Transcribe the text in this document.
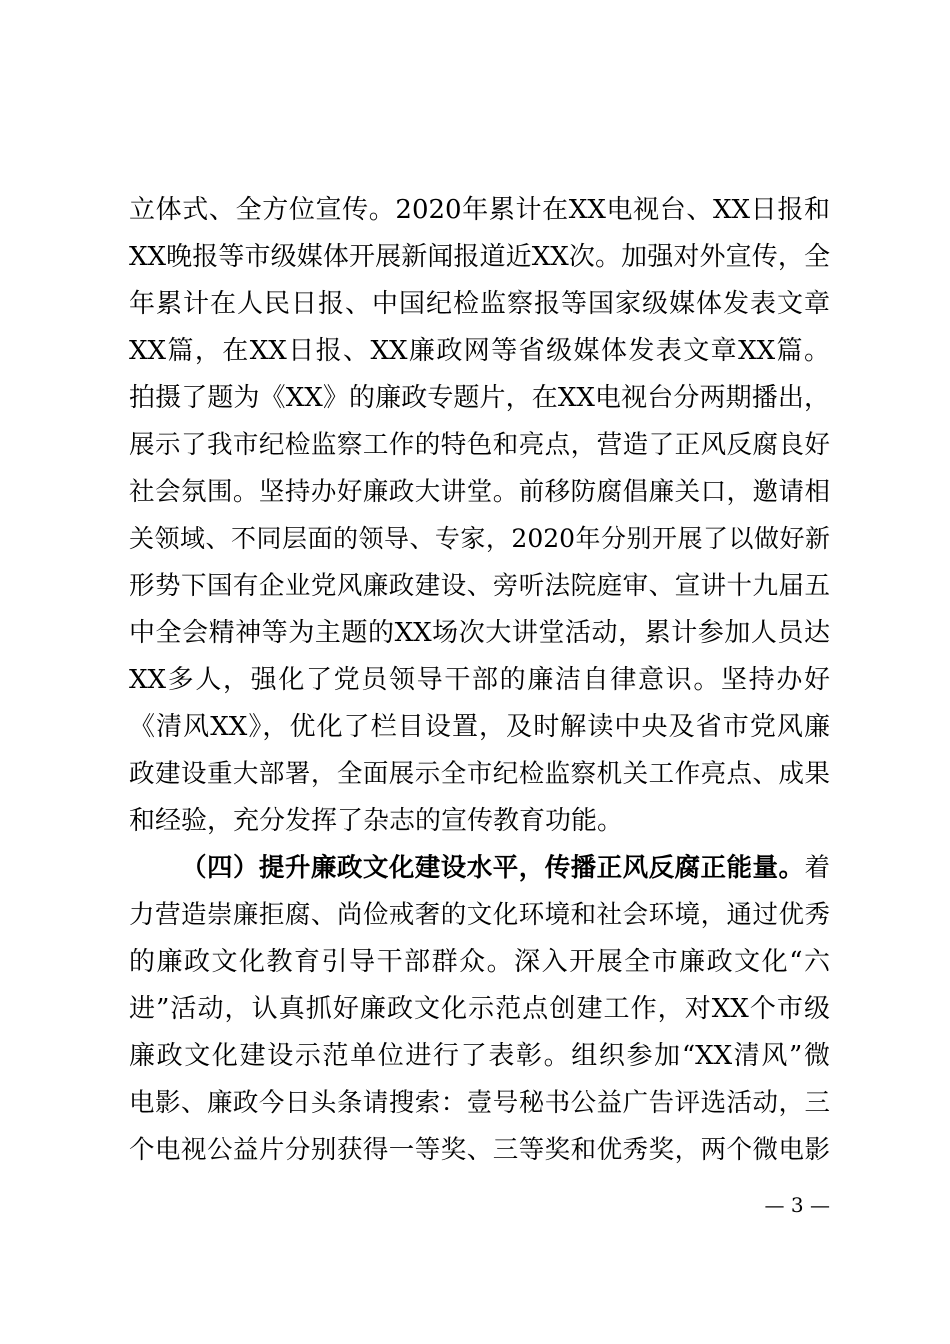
立体式、全方位宣传。2020年累计在XX电视台、XX日报和
XX晚报等市级媒体开展新闻报道近XX次。加强对外宣传，全
年累计在人民日报、中国纪检监察报等国家级媒体发表文章
XX篇，在XX日报、XX廉政网等省级媒体发表文章XX篇。
拍摄了题为《XX》的廉政专题片，在XX电视台分两期播出，
展示了我市纪检监察工作的特色和亮点，营造了正风反腐良好
社会氛围。坚持办好廉政大讲堂。前移防腐倡廉关口，邀请相
关领域、不同层面的领导、专家，2020年分别开展了以做好新
形势下国有企业党风廉政建设、旁听法院庭审、宣讲十九届五
中全会精神等为主题的XX场次大讲堂活动，累计参加人员达
XX多人，强化了党员领导干部的廉洁自律意识。坚持办好
《清风XX》，优化了栏目设置，及时解读中央及省市党风廉
政建设重大部署，全面展示全市纪检监察机关工作亮点、成果
和经验，充分发挥了杂志的宣传教育功能。
（四）提升廉政文化建设水平，传播正风反腐正能量。着
力营造崇廉拒腐、尚俭戒奢的文化环境和社会环境，通过优秀
的廉政文化教育引导干部群众。深入开展全市廉政文化“六
进”活动，认真抓好廉政文化示范点创建工作，对XX个市级
廉政文化建设示范单位进行了表彰。组织参加“XX清风”微
电影、廉政今日头条请搜索：壹号秘书公益广告评选活动，三
个电视公益片分别获得一等奖、三等奖和优秀奖，两个微电影
— 3 —
